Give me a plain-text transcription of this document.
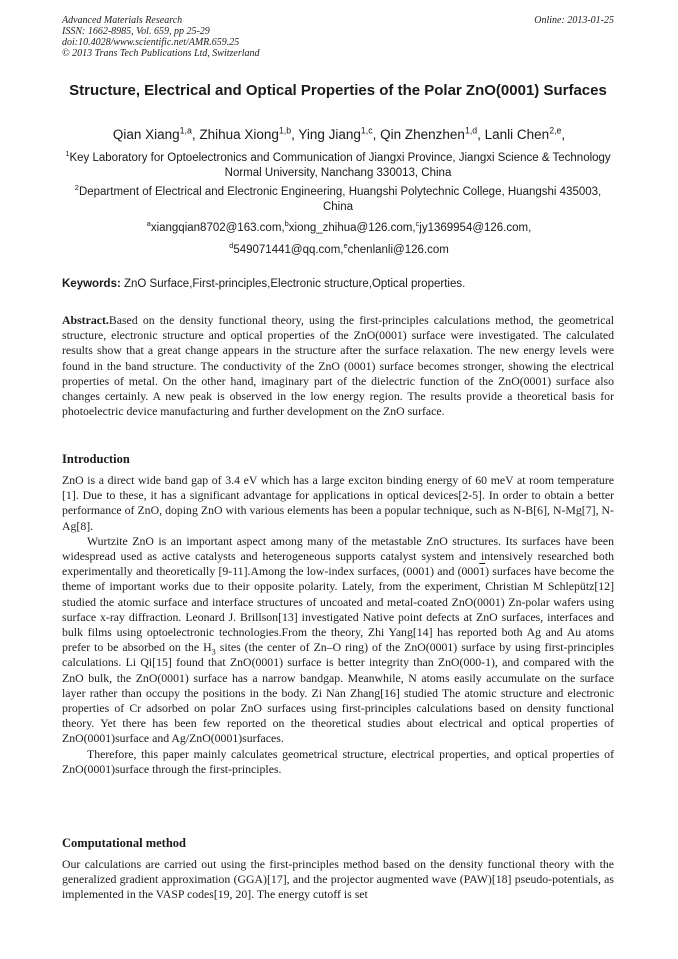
Advanced Materials Research
ISSN: 1662-8985, Vol. 659, pp 25-29
doi:10.4028/www.scientific.net/AMR.659.25
© 2013 Trans Tech Publications Ltd, Switzerland
Online: 2013-01-25
Structure, Electrical and Optical Properties of the Polar ZnO(0001) Surfaces
Qian Xiang$^{1,a}$, Zhihua Xiong$^{1,b}$, Ying Jiang$^{1,c}$, Qin Zhenzhen$^{1,d}$, Lanli Chen$^{2,e}$,
$^1$Key Laboratory for Optoelectronics and Communication of Jiangxi Province, Jiangxi Science & Technology Normal University, Nanchang 330013, China
$^2$Department of Electrical and Electronic Engineering, Huangshi Polytechnic College, Huangshi 435003, China
$^a$xiangqian8702@163.com,$^b$xiong_zhihua@126.com,$^c$jy1369954@126.com,
$^d$549071441@qq.com,$^e$chenlanli@126.com
Keywords: ZnO Surface,First-principles,Electronic structure,Optical properties.

Abstract.Based on the density functional theory, using the first-principles calculations method, the geometrical structure, electronic structure and optical properties of the ZnO(0001) surface were investigated. The calculated results show that a great change appears in the structure after the surface relaxation. The new energy levels were found in the band structure. The conductivity of the ZnO (0001) surface becomes stronger, showing the electrical properties of metal. On the other hand, imaginary part of the dielectric function of the ZnO(0001) surface also changes certainly. A new peak is observed in the low energy region. The results provide a theoretical basis for photoelectric device manufacturing and further development on the ZnO surface.

Introduction

ZnO is a direct wide band gap of 3.4 eV which has a large exciton binding energy of 60 meV at room temperature [1]. Due to these, it has a significant advantage for applications in optical devices[2-5]. In order to obtain a better performance of ZnO, doping ZnO with various elements has been a popular technique, such as N-B[6], N-Mg[7], N-Ag[8].

Wurtzite ZnO is an important aspect among many of the metastable ZnO structures. Its surfaces have been widespread used as active catalysts and heterogeneous supports catalyst system and intensively researched both experimentally and theoretically [9-11].Among the low-index surfaces, (0001) and (0001) surfaces have become the theme of important works due to their opposite polarity. Lately, from the experiment, Christian M Schlepütz[12] studied the atomic surface and interface structures of uncoated and metal-coated ZnO(0001) Zn-polar wafers using surface x-ray diffraction. Leonard J. Brillson[13] investigated Native point defects at ZnO surfaces, interfaces and bulk films using optoelectronic technologies.From the theory, Zhi Yang[14] has reported both Ag and Au atoms prefer to be absorbed on the $H_3$ sites (the center of Zn–O ring) of the ZnO(0001) surface by using first-principles calculations. Li Qi[15] found that ZnO(0001) surface is better integrity than ZnO(000-1), and compared with the ZnO bulk, the ZnO(0001) surface has a narrow bandgap. Meanwhile, N atoms easily accumulate on the surface layer rather than occupy the positions in the body. Zi Nan Zhang[16] studied The atomic structure and electronic properties of Cr adsorbed on polar ZnO surfaces using first-principles calculations based on density functional theory. Yet there has been few reported on the theoretical studies about electrical and optical properties of ZnO(0001)surface and Ag/ZnO(0001)surfaces.

Therefore, this paper mainly calculates geometrical structure, electrical properties, and optical properties of ZnO(0001)surface through the first-principles.

Computational method

Our calculations are carried out using the first-principles method based on the density functional theory with the generalized gradient approximation (GGA)[17], and the projector augmented wave (PAW)[18] pseudo-potentials, as implemented in the VASP codes[19, 20]. The energy cutoff is set
